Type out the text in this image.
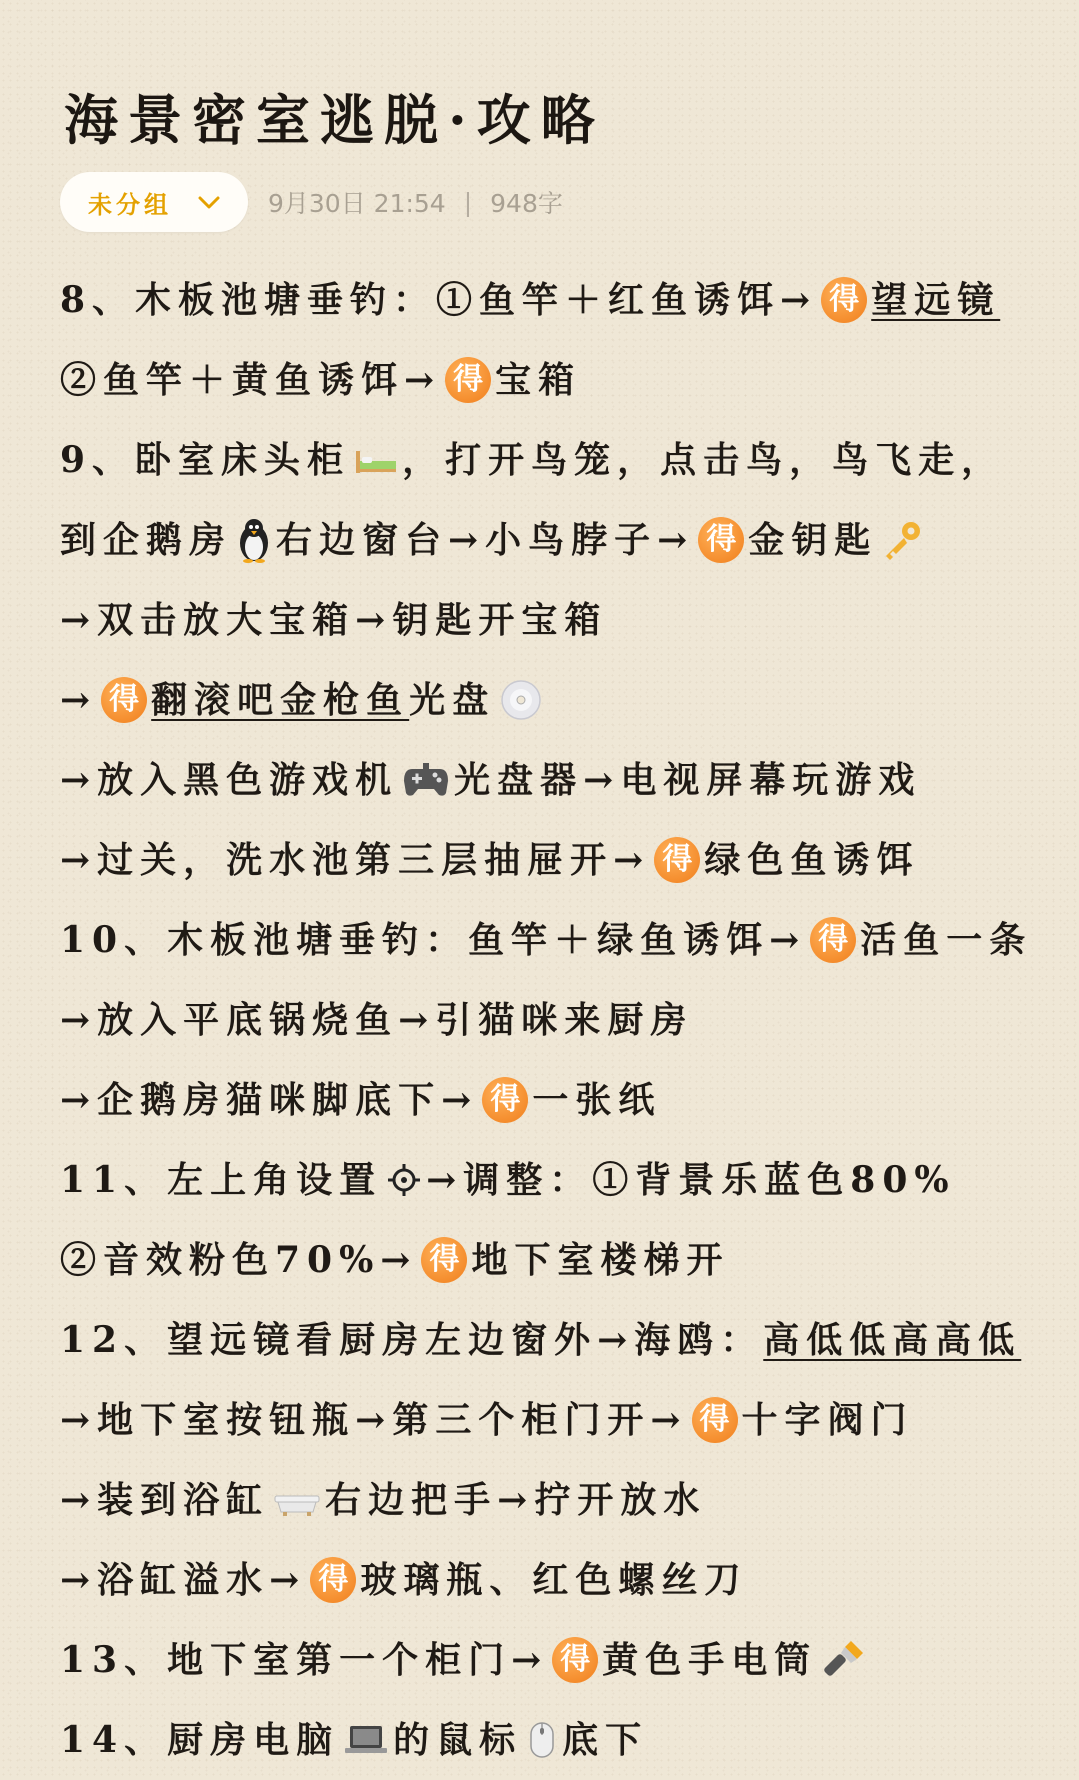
海景密室逃脱·攻略
未分组	9月30日 21:54 | 948字
8、木板池塘垂钓：①鱼竿＋红鱼诱饵→ 得 望远镜
②鱼竿＋黄鱼诱饵→ 得 宝箱
9、卧室床头柜 ，打开鸟笼，点击鸟，鸟飞走，
到企鹅房 右边窗台→小鸟脖子→ 得 金钥匙
→双击放大宝箱→钥匙开宝箱
→ 得 翻滚吧金枪鱼光盘
→放入黑色游戏机 光盘器→电视屏幕玩游戏
→过关，洗水池第三层抽屉开→ 得 绿色鱼诱饵
10、木板池塘垂钓：鱼竿＋绿鱼诱饵→ 得 活鱼一条
→放入平底锅烧鱼→引猫咪来厨房
→企鹅房猫咪脚底下→ 得 一张纸
11、左上角设置 →调整：①背景乐蓝色80%
②音效粉色70%→ 得 地下室楼梯开
12、望远镜看厨房左边窗外→海鸥：高低低高高低
→地下室按钮瓶→第三个柜门开→ 得 十字阀门
→装到浴缸 右边把手→拧开放水
→浴缸溢水→ 得 玻璃瓶、红色螺丝刀
13、地下室第一个柜门→ 得 黄色手电筒
14、厨房电脑 的鼠标 底下
